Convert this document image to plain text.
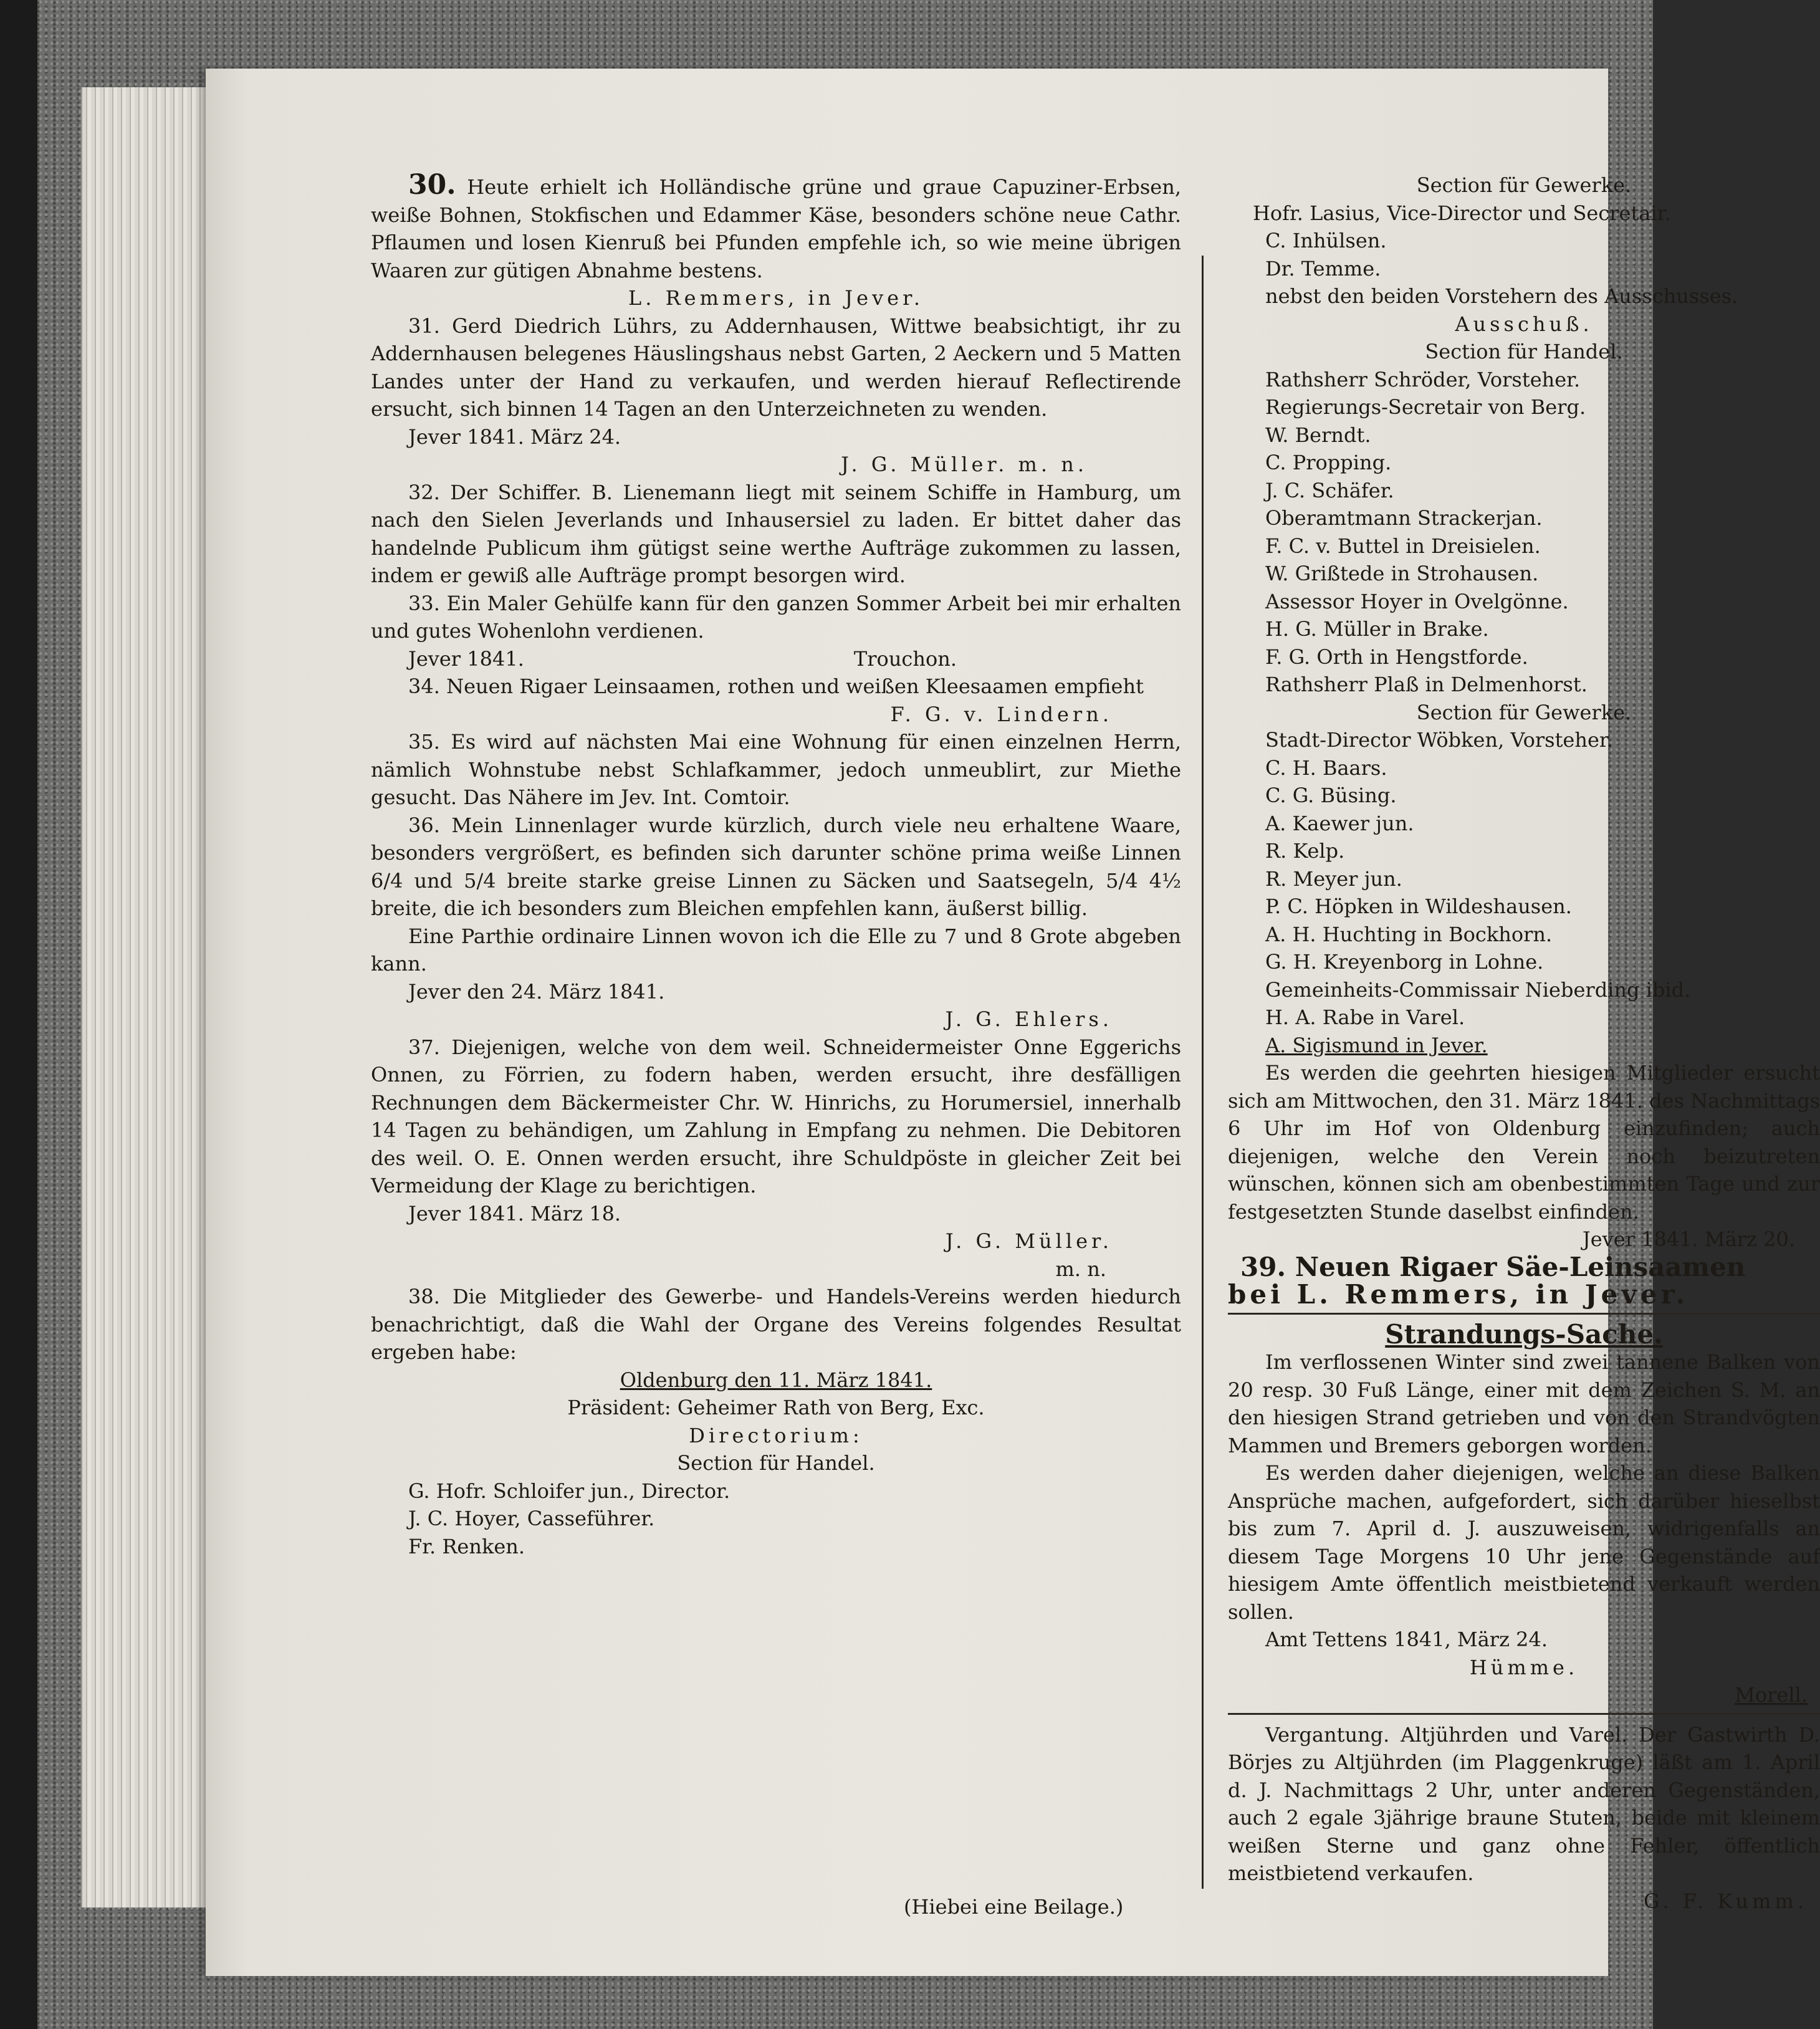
30. Heute erhielt ich Holländische grüne und graue Capuziner-Erbsen, weiße Bohnen, Stokfischen und Edammer Käse, besonders schöne neue Cathr. Pflaumen und losen Kienruß bei Pfunden empfehle ich, so wie meine übrigen Waaren zur gütigen Abnahme bestens.

L. Remmers, in Jever.

31. Gerd Diedrich Lührs, zu Addernhausen, Wittwe beabsichtigt, ihr zu Addernhausen belegenes Häuslingshaus nebst Garten, 2 Aeckern und 5 Matten Landes unter der Hand zu verkaufen, und werden hierauf Reflectirende ersucht, sich binnen 14 Tagen an den Unterzeichneten zu wenden.

Jever 1841. März 24.

J. G. Müller. m. n.

32. Der Schiffer. B. Lienemann liegt mit seinem Schiffe in Hamburg, um nach den Sielen Jeverlands und Inhausersiel zu laden. Er bittet daher das handelnde Publicum ihm gütigst seine werthe Aufträge zukommen zu lassen, indem er gewiß alle Aufträge prompt besorgen wird.

33. Ein Maler Gehülfe kann für den ganzen Sommer Arbeit bei mir erhalten und gutes Wohenlohn verdienen.

Jever 1841.	Trouchon.

34. Neuen Rigaer Leinsaamen, rothen und weißen Kleesaamen empfieht

F. G. v. Lindern.

35. Es wird auf nächsten Mai eine Wohnung für einen einzelnen Herrn, nämlich Wohnstube nebst Schlafkammer, jedoch unmeublirt, zur Miethe gesucht. Das Nähere im Jev. Int. Comtoir.

36. Mein Linnenlager wurde kürzlich, durch viele neu erhaltene Waare, besonders vergrößert, es befinden sich darunter schöne prima weiße Linnen 6/4 und 5/4 breite starke greise Linnen zu Säcken und Saatsegeln, 5/4 4½ breite, die ich besonders zum Bleichen empfehlen kann, äußerst billig.

Eine Parthie ordinaire Linnen wovon ich die Elle zu 7 und 8 Grote abgeben kann.

Jever den 24. März 1841.

J. G. Ehlers.

37. Diejenigen, welche von dem weil. Schneidermeister Onne Eggerichs Onnen, zu Förrien, zu fodern haben, werden ersucht, ihre desfälligen Rechnungen dem Bäckermeister Chr. W. Hinrichs, zu Horumersiel, innerhalb 14 Tagen zu behändigen, um Zahlung in Empfang zu nehmen. Die Debitoren des weil. O. E. Onnen werden ersucht, ihre Schuldpöste in gleicher Zeit bei Vermeidung der Klage zu berichtigen.

Jever 1841. März 18.

J. G. Müller.

m. n.

38. Die Mitglieder des Gewerbe- und Handels-Vereins werden hiedurch benachrichtigt, daß die Wahl der Organe des Vereins folgendes Resultat ergeben habe:

Oldenburg den 11. März 1841.

Präsident: Geheimer Rath von Berg, Exc.

Directorium:

Section für Handel.

G. Hofr. Schloifer jun., Director.

J. C. Hoyer, Casseführer.

Fr. Renken.

Section für Gewerke.

Hofr. Lasius, Vice-Director und Secretair.

C. Inhülsen.

Dr. Temme.

nebst den beiden Vorstehern des Ausschusses.

Ausschuß.

Section für Handel.

Rathsherr Schröder, Vorsteher.

Regierungs-Secretair von Berg.

W. Berndt.

C. Propping.

J. C. Schäfer.

Oberamtmann Strackerjan.

F. C. v. Buttel in Dreisielen.

W. Grißtede in Strohausen.

Assessor Hoyer in Ovelgönne.

H. G. Müller in Brake.

F. G. Orth in Hengstforde.

Rathsherr Plaß in Delmenhorst.

Section für Gewerke.

Stadt-Director Wöbken, Vorsteher.

C. H. Baars.

C. G. Büsing.

A. Kaewer jun.

R. Kelp.

R. Meyer jun.

P. C. Höpken in Wildeshausen.

A. H. Huchting in Bockhorn.

G. H. Kreyenborg in Lohne.

Gemeinheits-Commissair Nieberding ibid.

H. A. Rabe in Varel.

A. Sigismund in Jever.

Es werden die geehrten hiesigen Mitglieder ersucht sich am Mittwochen, den 31. März 1841. des Nachmittags 6 Uhr im Hof von Oldenburg einzufinden; auch diejenigen, welche den Verein noch beizutreten wünschen, können sich am obenbestimmten Tage und zur festgesetzten Stunde daselbst einfinden.

Jever 1841. März 20.

39. Neuen Rigaer Säe-Leinsaamen

bei L. Remmers, in Jever.

Strandungs-Sache.

Im verflossenen Winter sind zwei tannene Balken von 20 resp. 30 Fuß Länge, einer mit dem Zeichen S. M. an den hiesigen Strand getrieben und von den Strandvögten Mammen und Bremers geborgen worden.

Es werden daher diejenigen, welche an diese Balken Ansprüche machen, aufgefordert, sich darüber hieselbst bis zum 7. April d. J. auszuweisen, widrigenfalls an diesem Tage Morgens 10 Uhr jene Gegenstände auf hiesigem Amte öffentlich meistbietend verkauft werden sollen.

Amt Tettens 1841, März 24.

Hümme.

Morell.

Vergantung. Altjührden und Varel. Der Gastwirth D. Börjes zu Altjührden (im Plaggenkruge) läßt am 1. April d. J. Nachmittags 2 Uhr, unter anderen Gegenständen, auch 2 egale 3jährige braune Stuten, beide mit kleinem weißen Sterne und ganz ohne Fehler, öffentlich meistbietend verkaufen.

G. F. Kumm.

(Hiebei eine Beilage.)
